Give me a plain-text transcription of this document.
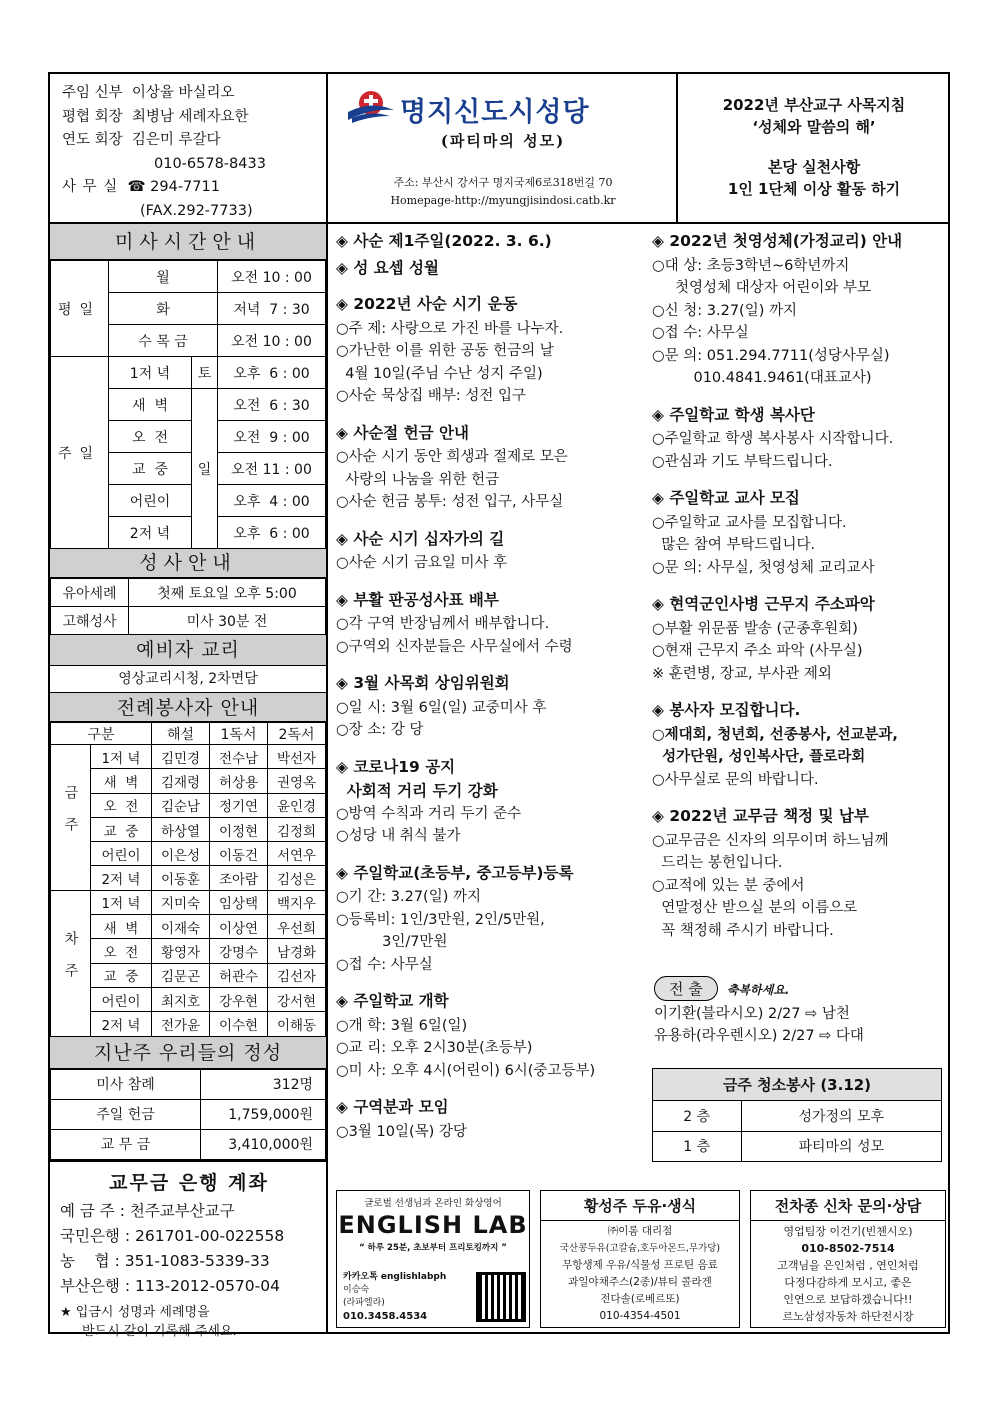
주임 신부 이상율 바실리오
평협 회장 최병남 세례자요한
연도 회장 김은미 루갈다
010-6578-8433
사 무 실 ☎ 294-7711
(FAX.292-7733)
명지신도시성당
(파티마의 성모)
주소: 부산시 강서구 명지국제6로318번길 70
Homepage-http://myungjisindosi.catb.kr
2022년 부산교구 사목지침
‘성체와 말씀의 해’
본당 실천사항
1인 1단체 이상 활동 하기
미사시간안내
평일	월		오전 10 : 00
	화		저녁  7 : 30
	수 목 금		오전 10 : 00
주일	1저 녁	토	오후  6 : 00
	새  벽	일	오전  6 : 30
	오  전		오전  9 : 00
	교  중		오전 11 : 00
	어린이		오후  4 : 00
	2저 녁		오후  6 : 00
성사안내
유아세례	첫째 토요일 오후 5:00
고해성사	미사 30분 전
예비자 교리
영상교리시청, 2차면담
전례봉사자 안내
구분		해설	1독서	2독서
금주	1저 녁	김민경	전수남	박선자
	새  벽	김재령	허상용	권영옥
	오  전	김순남	정기연	윤인경
	교  중	하상열	이정현	김정희
	어린이	이은성	이동건	서연우
	2저 녁	이동훈	조아람	김성은
차주	1저 녁	지미숙	임상택	백지우
	새  벽	이재숙	이상연	우선희
	오  전	황영자	강명수	남경화
	교  중	김문곤	허관수	김선자
	어린이	최지호	강우현	강서현
	2저 녁	전가윤	이수현	이해동
지난주 우리들의 정성
미사 참례	312명
주일 헌금	1,759,000원
교 무 금	3,410,000원
교무금 은행 계좌
예 금 주 : 천주교부산교구
국민은행 : 261701-00-022558
농    협 : 351-1083-5339-33
부산은행 : 113-2012-0570-04
★ 입금시 성명과 세례명을
반드시 같이 기록해 주세요.
◈ 사순 제1주일(2022. 3. 6.)
◈ 성 요셉 성월
◈ 2022년 사순 시기 운동
○주 제: 사랑으로 가진 바를 나누자.
○가난한 이를 위한 공동 헌금의 날
4월 10일(주님 수난 성지 주일)
○사순 묵상집 배부: 성전 입구
◈ 사순절 헌금 안내
○사순 시기 동안 희생과 절제로 모은
사랑의 나눔을 위한 헌금
○사순 헌금 봉투: 성전 입구, 사무실
◈ 사순 시기 십자가의 길
○사순 시기 금요일 미사 후
◈ 부활 판공성사표 배부
○각 구역 반장님께서 배부합니다.
○구역외 신자분들은 사무실에서 수령
◈ 3월 사목회 상임위원회
○일 시: 3월 6일(일) 교중미사 후
○장 소: 강 당
◈ 코로나19 공지
사회적 거리 두기 강화
○방역 수칙과 거리 두기 준수
○성당 내 취식 불가
◈ 주일학교(초등부, 중고등부)등록
○기 간: 3.27(일) 까지
○등록비: 1인/3만원, 2인/5만원,
3인/7만원
○접 수: 사무실
◈ 주일학교 개학
○개 학: 3월 6일(일)
○교 리: 오후 2시30분(초등부)
○미 사: 오후 4시(어린이) 6시(중고등부)
◈ 구역분과 모임
○3월 10일(목) 강당
◈ 2022년 첫영성체(가정교리) 안내
○대 상: 초등3학년~6학년까지
첫영성체 대상자 어린이와 부모
○신 청: 3.27(일) 까지
○접 수: 사무실
○문 의: 051.294.7711(성당사무실)
010.4841.9461(대표교사)
◈ 주일학교 학생 복사단
○주일학교 학생 복사봉사 시작합니다.
○관심과 기도 부탁드립니다.
◈ 주일학교 교사 모집
○주일학교 교사를 모집합니다.
많은 참여 부탁드립니다.
○문 의: 사무실, 첫영성체 교리교사
◈ 현역군인사병 근무지 주소파악
○부활 위문품 발송 (군종후원회)
○현재 근무지 주소 파악 (사무실)
※ 훈련병, 장교, 부사관 제외
◈ 봉사자 모집합니다.
○제대회, 청년회, 선종봉사, 선교분과,
성가단원, 성인복사단, 플로라회
○사무실로 문의 바랍니다.
◈ 2022년 교무금 책정 및 납부
○교무금은 신자의 의무이며 하느님께
드리는 봉헌입니다.
○교적에 있는 분 중에서
연말정산 받으실 분의 이름으로
꼭 책정해 주시기 바랍니다.
전 출 축복하세요.
이기환(블라시오) 2/27 ⇨ 남천
유용하(라우렌시오) 2/27 ⇨ 다대
금주 청소봉사 (3.12)
2 층	성가정의 모후
1 층	파티마의 성모
글로벌 선생님과 온라인 화상영어
ENGLISH LAB
“ 하루 25분, 초보부터 프리토킹까지 ”
카카오톡 englishlabph
이승숙
(라파엘라)
010.3458.4534
황성주 두유·생식
㈜이롬 대리점
국산콩두유(고칼슘,호두아몬드,무가당)
무항생제 우유/식물성 프로틴 음료
과일야채주스(2종)/뷰티 콜라겐
전다솔(로베르또)
010-4354-4501
전차종 신차 문의·상담
영업팀장 이건기(빈첸시오)
010-8502-7514
고객님을 은인처럼 , 연인처럼
다정다감하게 모시고, 좋은
인연으로 보답하겠습니다!!
르노삼성자동차 하단전시장
